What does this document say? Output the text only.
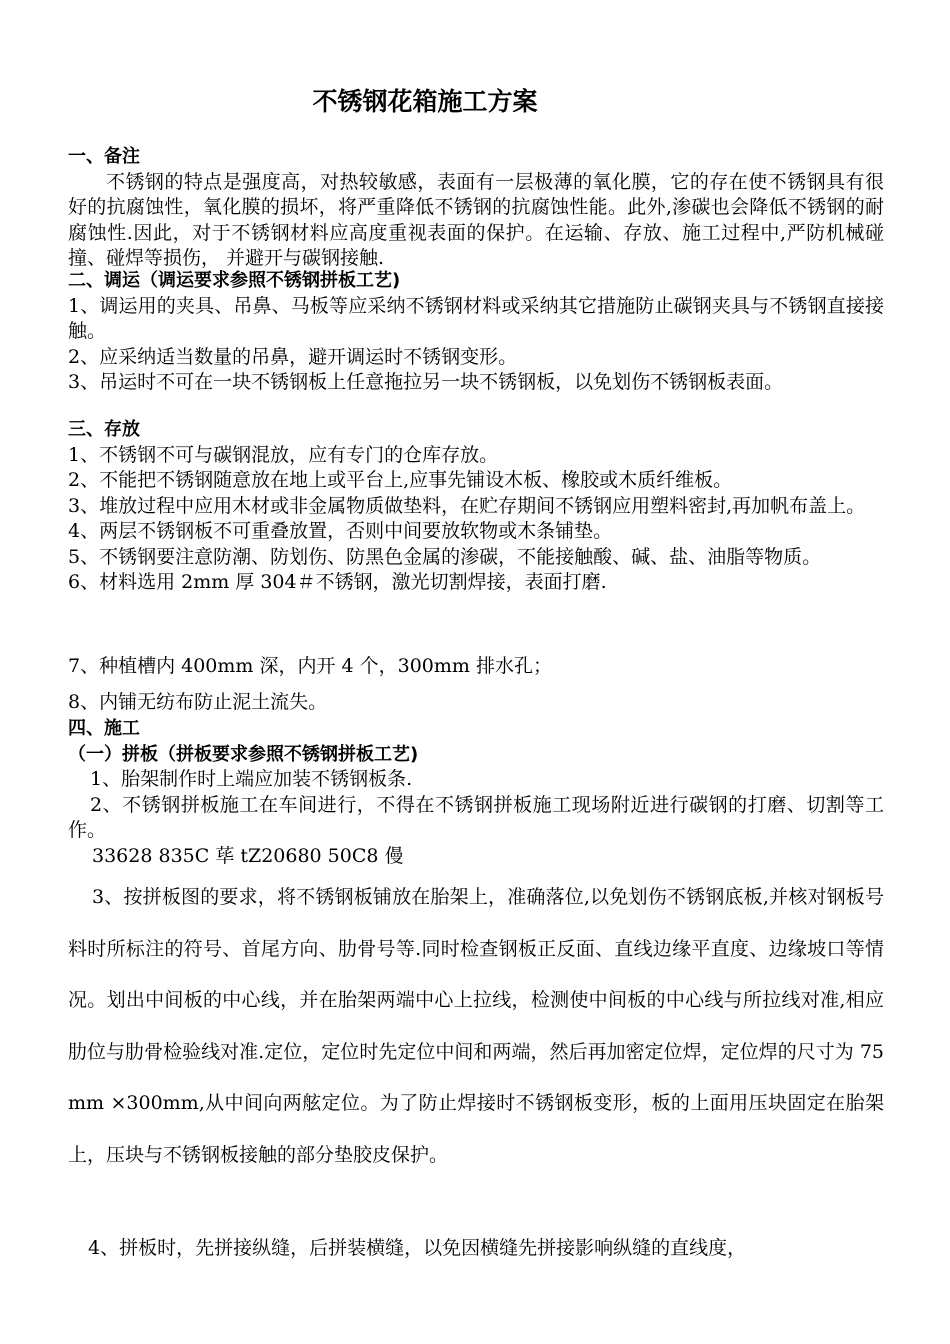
不锈钢花箱施工方案
一、备注
不锈钢的特点是强度高，对热较敏感，表面有一层极薄的氧化膜，它的存在使不锈钢具有很好的抗腐蚀性，氧化膜的损坏，将严重降低不锈钢的抗腐蚀性能。此外,渗碳也会降低不锈钢的耐腐蚀性.因此，对于不锈钢材料应高度重视表面的保护。在运输、存放、施工过程中,严防机械碰撞、碰焊等损伤， 并避开与碳钢接触.
二、调运（调运要求参照不锈钢拼板工艺)
1、调运用的夹具、吊鼻、马板等应采纳不锈钢材料或采纳其它措施防止碳钢夹具与不锈钢直接接触。
2、应采纳适当数量的吊鼻，避开调运时不锈钢变形。
3、吊运时不可在一块不锈钢板上任意拖拉另一块不锈钢板，以免划伤不锈钢板表面。
三、存放
1、不锈钢不可与碳钢混放，应有专门的仓库存放。
2、不能把不锈钢随意放在地上或平台上,应事先铺设木板、橡胶或木质纤维板。
3、堆放过程中应用木材或非金属物质做垫料，在贮存期间不锈钢应用塑料密封,再加帆布盖上。
4、两层不锈钢板不可重叠放置，否则中间要放软物或木条铺垫。
5、不锈钢要注意防潮、防划伤、防黑色金属的渗碳，不能接触酸、碱、盐、油脂等物质。
6、材料选用 2mm 厚 304＃不锈钢，激光切割焊接，表面打磨.
7、种植槽内 400mm 深，内开 4 个，300mm 排水孔；
8、内铺无纺布防止泥土流失。
四、施工
（一）拼板（拼板要求参照不锈钢拼板工艺)
1、胎架制作时上端应加装不锈钢板条.
2、不锈钢拼板施工在车间进行，不得在不锈钢拼板施工现场附近进行碳钢的打磨、切割等工作。
33628 835C 荜 tZ20680 50C8 僈
3、按拼板图的要求，将不锈钢板铺放在胎架上，准确落位,以免划伤不锈钢底板,并核对钢板号料时所标注的符号、首尾方向、肋骨号等.同时检查钢板正反面、直线边缘平直度、边缘坡口等情况。划出中间板的中心线，并在胎架两端中心上拉线，检测使中间板的中心线与所拉线对准,相应肋位与肋骨检验线对准.定位，定位时先定位中间和两端，然后再加密定位焊，定位焊的尺寸为 75 mm ×300mm,从中间向两舷定位。为了防止焊接时不锈钢板变形，板的上面用压块固定在胎架上，压块与不锈钢板接触的部分垫胶皮保护。
4、拼板时，先拼接纵缝，后拼装横缝，以免因横缝先拼接影响纵缝的直线度，
